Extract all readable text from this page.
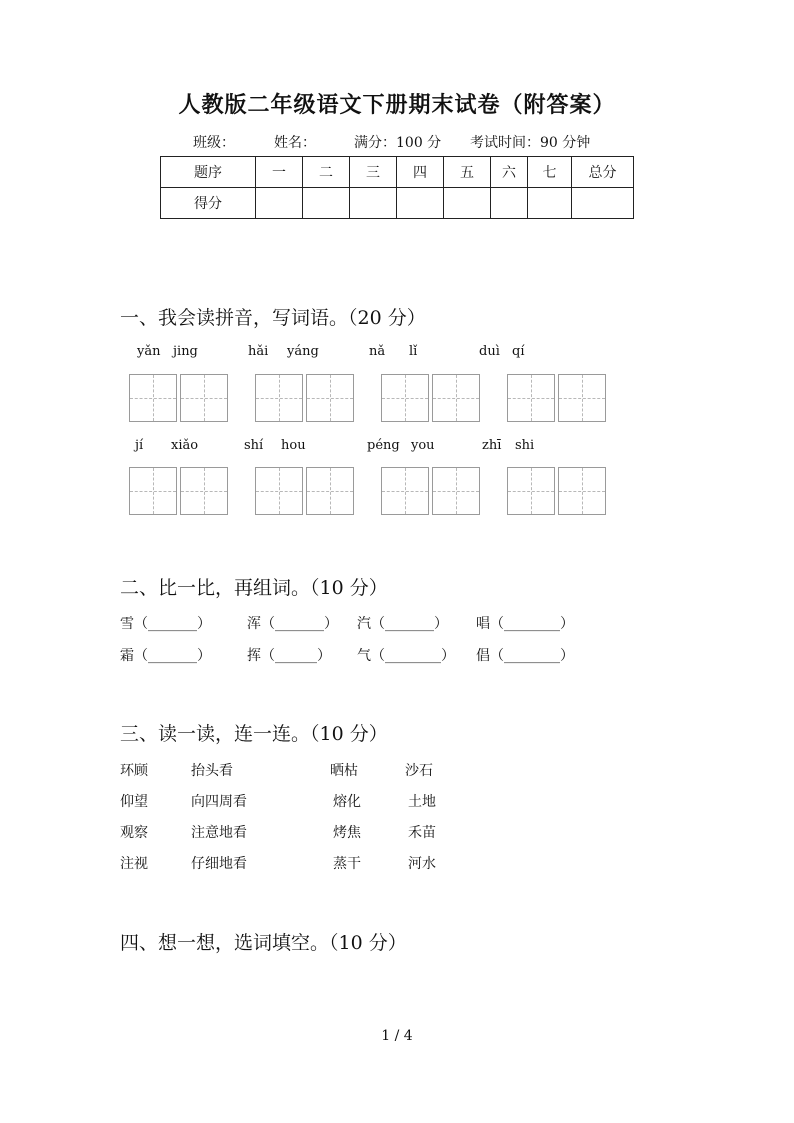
人教版二年级语文下册期末试卷（附答案）
班级：	姓名：	满分：100 分 考试时间：90 分钟
题序	一	二	三	四	五	六	七	总分
得分								
一、我会读拼音，写词语。（20 分）
yǎn jing	hǎi yáng	nǎ lǐ	duì qí
jí xiǎo	shí hou	péng you	zhī shi
二、比一比，再组词。（10 分）
雪（_______）	浑（_______） 汽（_______） 唱（________）
霜（_______）	挥（______） 气（________） 倡（________）
三、读一读，连一连。（10 分）
环顾	抬头看	晒枯	沙石
仰望	向四周看	熔化	土地
观察	注意地看	烤焦	禾苗
注视	仔细地看	蒸干	河水
四、想一想，选词填空。（10 分）
1 / 4
